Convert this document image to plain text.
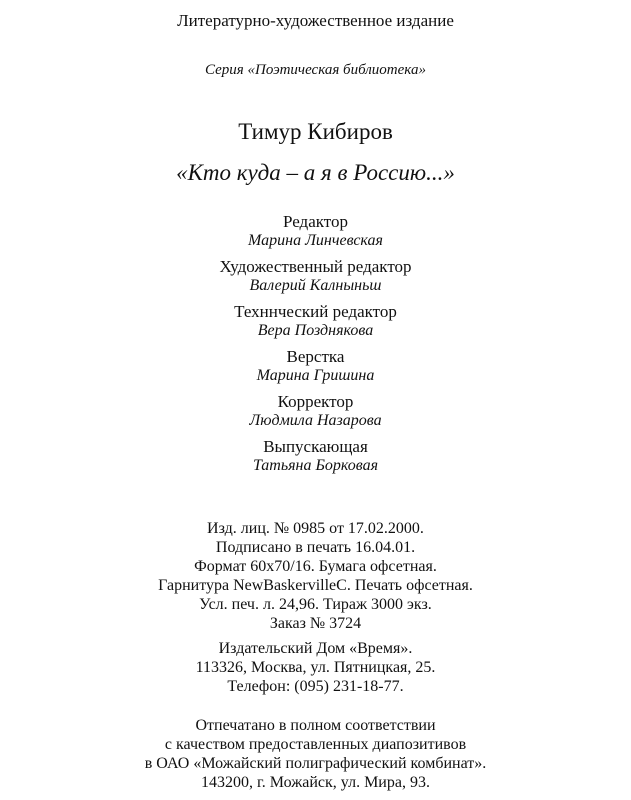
Литературно-художественное издание
Серия «Поэтическая библиотека»
Тимур Кибиров
«Кто куда – а я в Россию...»
Редактор
Марина Линчевская
Художественный редактор
Валерий Калныньш
Техннческий редактор
Вера Позднякова
Верстка
Марина Гришина
Корректор
Людмила Назарова
Выпускающая
Татьяна Борковая
Изд. лиц. № 0985 от 17.02.2000.
Подписано в печать 16.04.01.
Формат 60х70/16. Бумага офсетная.
Гарнитура NewBaskervilleC. Печать офсетная.
Усл. печ. л. 24,96. Тираж 3000 экз.
Заказ № 3724
Издательский Дом «Время».
113326, Москва, ул. Пятницкая, 25.
Телефон: (095) 231-18-77.
Отпечатано в полном соответствии
с качеством предоставленных диапозитивов
в ОАО «Можайский полиграфический комбинат».
143200, г. Можайск, ул. Мира, 93.
